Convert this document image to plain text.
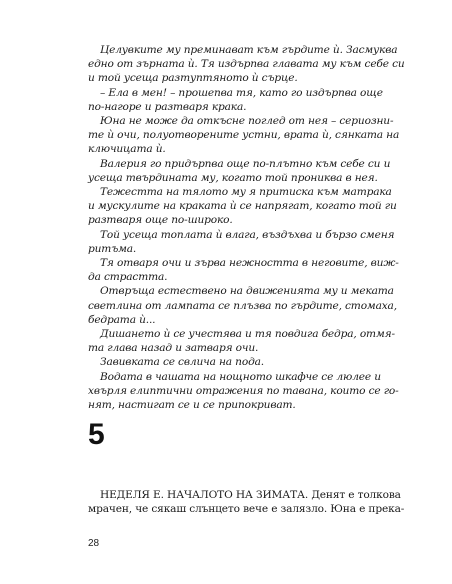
Целувките му преминават към гърдите ѝ. Засмуква
едно от зърната ѝ. Тя издърпва главата му към себе си
и той усеща разтуптяното ѝ сърце.
– Ела в мен! – прошепва тя, като го издърпва още
по-нагоре и разтваря крака.
Юна не може да откъсне поглед от нея – сериозни-
те ѝ очи, полуотворените устни, врата ѝ, сянката на
ключицата ѝ.
Валерия го придърпва още по-плътно към себе си и
усеща твърдината му, когато той прониква в нея.
Тежестта на тялото му я притиска към матрака
и мускулите на краката ѝ се напрягат, когато той ги
разтваря още по-широко.
Той усеща топлата ѝ влага, въздъхва и бързо сменя
ритъма.
Тя отваря очи и зърва нежността в неговите, виж-
да страстта.
Отвръща естествено на движенията му и меката
светлина от лампата се плъзва по гърдите, стомаха,
бедрата ѝ...
Дишането ѝ се учестява и тя повдига бедра, отмя-
та глава назад и затваря очи.
Завивката се свлича на пода.
Водата в чашата на нощното шкафче се люлее и
хвърля елиптични отражения по тавана, които се го-
нят, настигат се и се припокриват.
5
НЕДЕЛЯ Е. НАЧАЛОТО НА ЗИМАТА. Денят е толкова
мрачен, че сякаш слънцето вече е залязло. Юна е прека-
28
